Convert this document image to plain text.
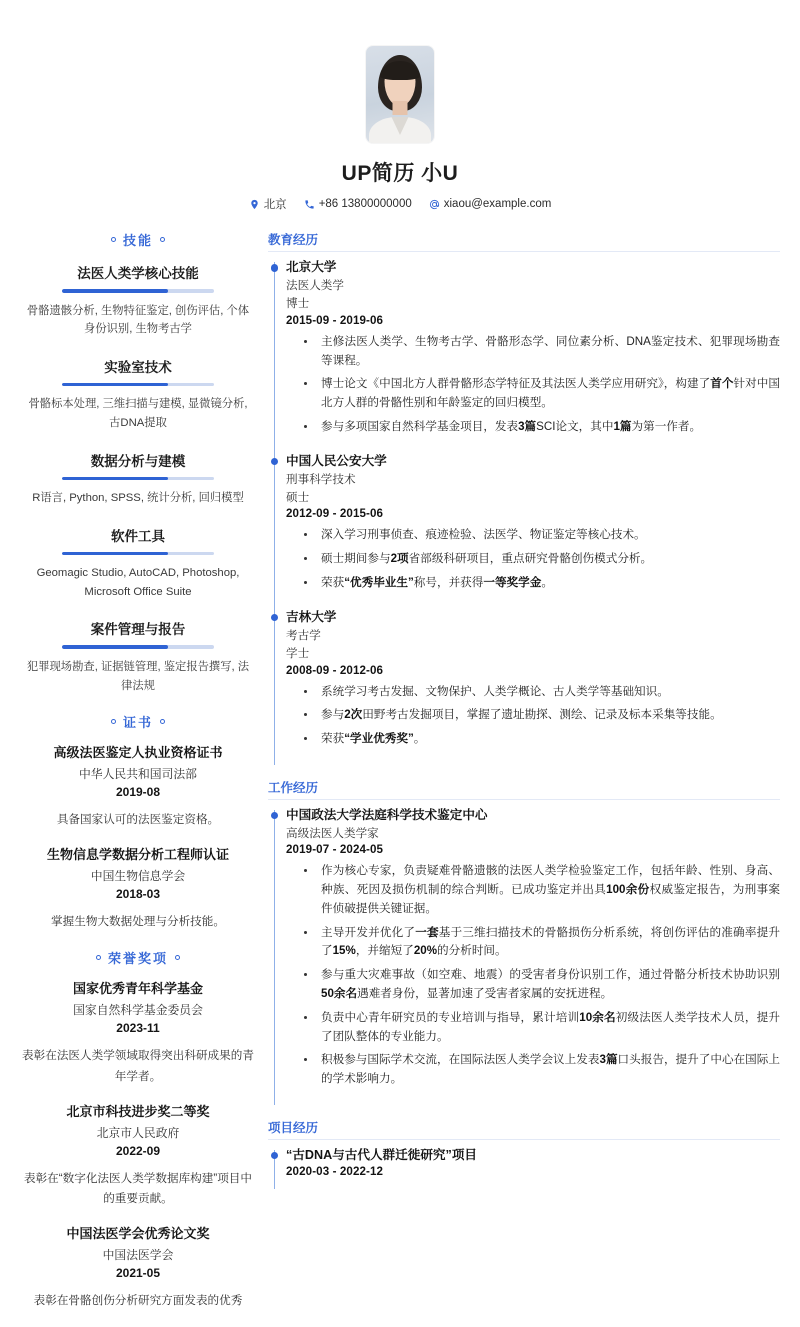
UP简历 小U
北京	+86 13800000000	xiaou@example.com
技能
法医人类学核心技能
骨骼遗骸分析, 生物特征鉴定, 创伤评估, 个体身份识别, 生物考古学
实验室技术
骨骼标本处理, 三维扫描与建模, 显微镜分析, 古DNA提取
数据分析与建模
R语言, Python, SPSS, 统计分析, 回归模型
软件工具
Geomagic Studio, AutoCAD, Photoshop, Microsoft Office Suite
案件管理与报告
犯罪现场勘查, 证据链管理, 鉴定报告撰写, 法律法规
证书
高级法医鉴定人执业资格证书
中华人民共和国司法部
2019-08
具备国家认可的法医鉴定资格。
生物信息学数据分析工程师认证
中国生物信息学会
2018-03
掌握生物大数据处理与分析技能。
荣誉奖项
国家优秀青年科学基金
国家自然科学基金委员会
2023-11
表彰在法医人类学领域取得突出科研成果的青年学者。
北京市科技进步奖二等奖
北京市人民政府
2022-09
表彰在“数字化法医人类学数据库构建”项目中的重要贡献。
中国法医学会优秀论文奖
中国法医学会
2021-05
表彰在骨骼创伤分析研究方面发表的优秀
教育经历
北京大学
法医人类学
博士
2015-09 - 2019-06
主修法医人类学、生物考古学、骨骼形态学、同位素分析、DNA鉴定技术、犯罪现场勘查等课程。
博士论文《中国北方人群骨骼形态学特征及其法医人类学应用研究》，构建了首个针对中国北方人群的骨骼性别和年龄鉴定的回归模型。
参与多项国家自然科学基金项目，发表3篇SCI论文，其中1篇为第一作者。
中国人民公安大学
刑事科学技术
硕士
2012-09 - 2015-06
深入学习刑事侦查、痕迹检验、法医学、物证鉴定等核心技术。
硕士期间参与2项省部级科研项目，重点研究骨骼创伤模式分析。
荣获“优秀毕业生”称号，并获得一等奖学金。
吉林大学
考古学
学士
2008-09 - 2012-06
系统学习考古发掘、文物保护、人类学概论、古人类学等基础知识。
参与2次田野考古发掘项目，掌握了遗址勘探、测绘、记录及标本采集等技能。
荣获“学业优秀奖”。
工作经历
中国政法大学法庭科学技术鉴定中心
高级法医人类学家
2019-07 - 2024-05
作为核心专家，负责疑难骨骼遗骸的法医人类学检验鉴定工作，包括年龄、性别、身高、种族、死因及损伤机制的综合判断。已成功鉴定并出具100余份权威鉴定报告，为刑事案件侦破提供关键证据。
主导开发并优化了一套基于三维扫描技术的骨骼损伤分析系统，将创伤评估的准确率提升了15%，并缩短了20%的分析时间。
参与重大灾难事故（如空难、地震）的受害者身份识别工作，通过骨骼分析技术协助识别50余名遇难者身份，显著加速了受害者家属的安抚进程。
负责中心青年研究员的专业培训与指导，累计培训10余名初级法医人类学技术人员，提升了团队整体的专业能力。
积极参与国际学术交流，在国际法医人类学会议上发表3篇口头报告，提升了中心在国际上的学术影响力。
项目经历
“古DNA与古代人群迁徙研究”项目
2020-03 - 2022-12
